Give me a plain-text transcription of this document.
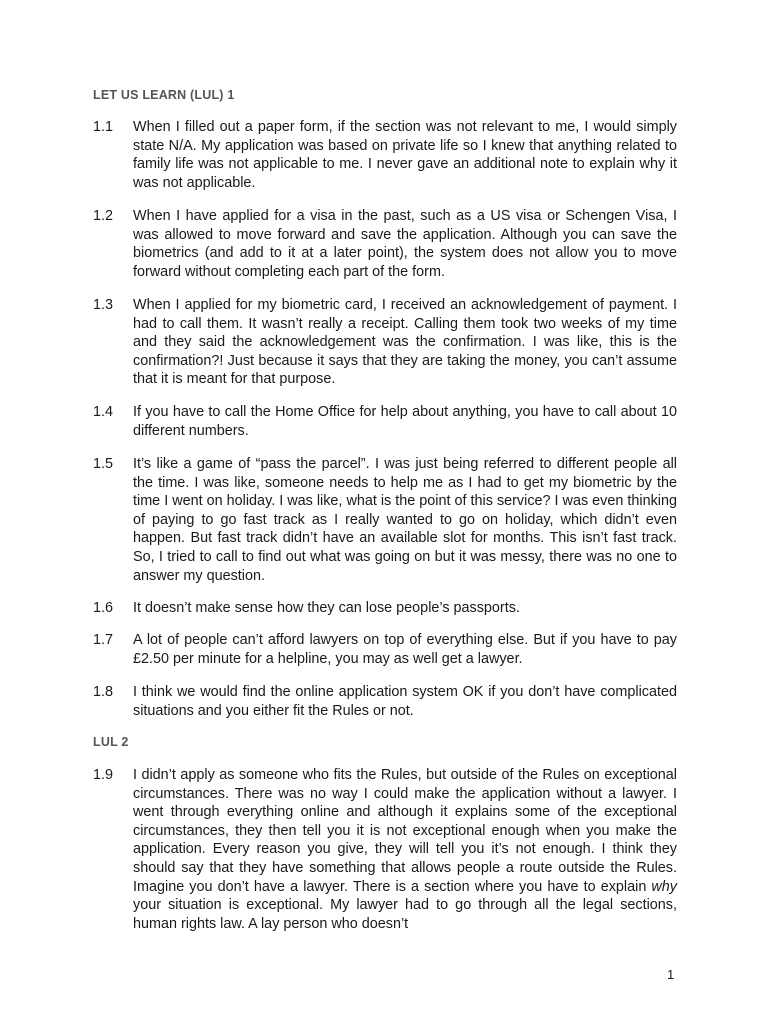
LET US LEARN (LUL) 1
1.1	When I filled out a paper form, if the section was not relevant to me, I would simply state N/A. My application was based on private life so I knew that anything related to family life was not applicable to me. I never gave an additional note to explain why it was not applicable.
1.2	When I have applied for a visa in the past, such as a US visa or Schengen Visa, I was allowed to move forward and save the application. Although you can save the biometrics (and add to it at a later point), the system does not allow you to move forward without completing each part of the form.
1.3	When I applied for my biometric card, I received an acknowledgement of payment. I had to call them. It wasn’t really a receipt. Calling them took two weeks of my time and they said the acknowledgement was the confirmation. I was like, this is the confirmation?! Just because it says that they are taking the money, you can’t assume that it is meant for that purpose.
1.4	If you have to call the Home Office for help about anything, you have to call about 10 different numbers.
1.5	It’s like a game of “pass the parcel”. I was just being referred to different people all the time. I was like, someone needs to help me as I had to get my biometric by the time I went on holiday. I was like, what is the point of this service? I was even thinking of paying to go fast track as I really wanted to go on holiday, which didn’t even happen. But fast track didn’t have an available slot for months. This isn’t fast track. So, I tried to call to find out what was going on but it was messy, there was no one to answer my question.
1.6	It doesn’t make sense how they can lose people’s passports.
1.7	A lot of people can’t afford lawyers on top of everything else. But if you have to pay £2.50 per minute for a helpline, you may as well get a lawyer.
1.8	I think we would find the online application system OK if you don’t have complicated situations and you either fit the Rules or not.
LUL 2
1.9	I didn’t apply as someone who fits the Rules, but outside of the Rules on exceptional circumstances. There was no way I could make the application without a lawyer. I went through everything online and although it explains some of the exceptional circumstances, they then tell you it is not exceptional enough when you make the application. Every reason you give, they will tell you it’s not enough. I think they should say that they have something that allows people a route outside the Rules. Imagine you don’t have a lawyer. There is a section where you have to explain why your situation is exceptional. My lawyer had to go through all the legal sections, human rights law. A lay person who doesn’t
1
